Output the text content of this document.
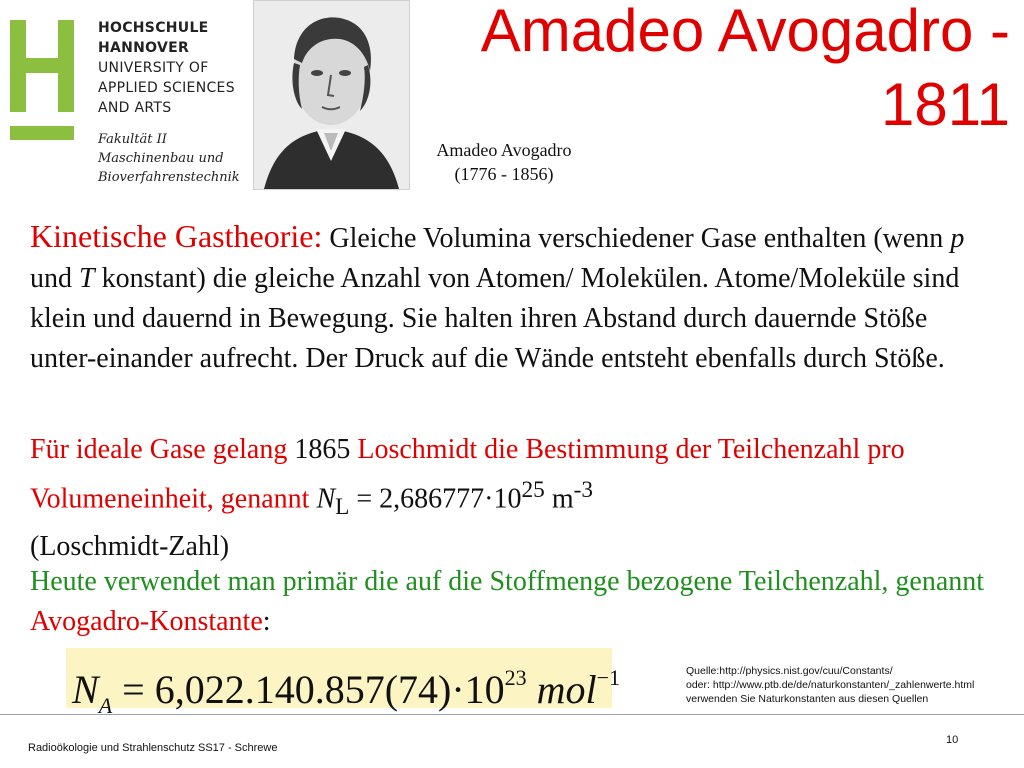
HOCHSCHULE
HANNOVER
UNIVERSITY OF
APPLIED SCIENCES
AND ARTS
Fakultät II
Maschinenbau und
Bioverfahrenstechnik
Amadeo Avogadro -
1811
Amadeo Avogadro
(1776 - 1856)
Kinetische Gastheorie: Gleiche Volumina verschiedener Gase enthalten (wenn p und T konstant) die gleiche Anzahl von Atomen/ Molekülen. Atome/Moleküle sind klein und dauernd in Bewegung. Sie halten ihren Abstand durch dauernde Stöße unter-einander aufrecht. Der Druck auf die Wände entsteht ebenfalls durch Stöße.
Für ideale Gase gelang 1865 Loschmidt die Bestimmung der Teilchenzahl pro Volumeneinheit, genannt $N_L = 2,686777\cdot 10^{25}$ $m^{-3}$
(Loschmidt-Zahl)
Heute verwendet man primär die auf die Stoffmenge bezogene Teilchenzahl, genannt Avogadro-Konstante:
$N_A = 6,022.140.857(74)\cdot 10^{23}$ mol$^{-1}$	Quelle:http://physics.nist.gov/cuu/Constants/
oder: http://www.ptb.de/de/naturkonstanten/_zahlenwerte.html
verwenden Sie Naturkonstanten aus diesen Quellen
Radioökologie und Strahlenschutz SS17 - Schrewe
10
